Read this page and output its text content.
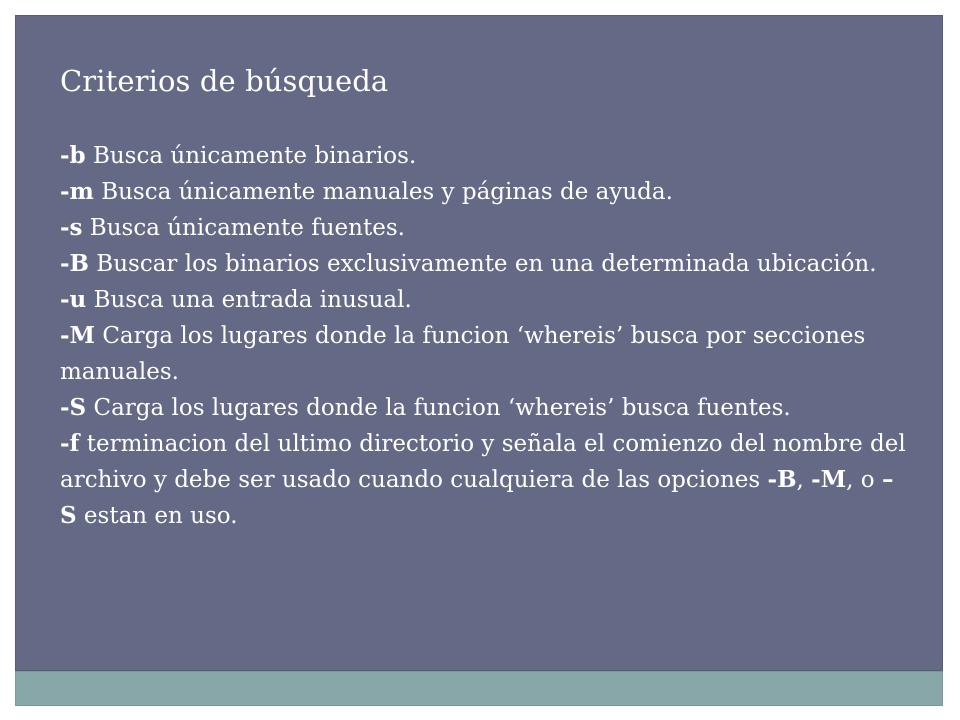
Criterios de búsqueda
-b Busca únicamente binarios.
-m Busca únicamente manuales y páginas de ayuda.
-s Busca únicamente fuentes.
-B Buscar los binarios exclusivamente en una determinada ubicación.
-u Busca una entrada inusual.
-M Carga los lugares donde la funcion ‘whereis’ busca por secciones manuales.
-S Carga los lugares donde la funcion ‘whereis’ busca fuentes.
-f terminacion del ultimo directorio y señala el comienzo del nombre del archivo y debe ser usado cuando cualquiera de las opciones -B, -M, o –S estan en uso.
